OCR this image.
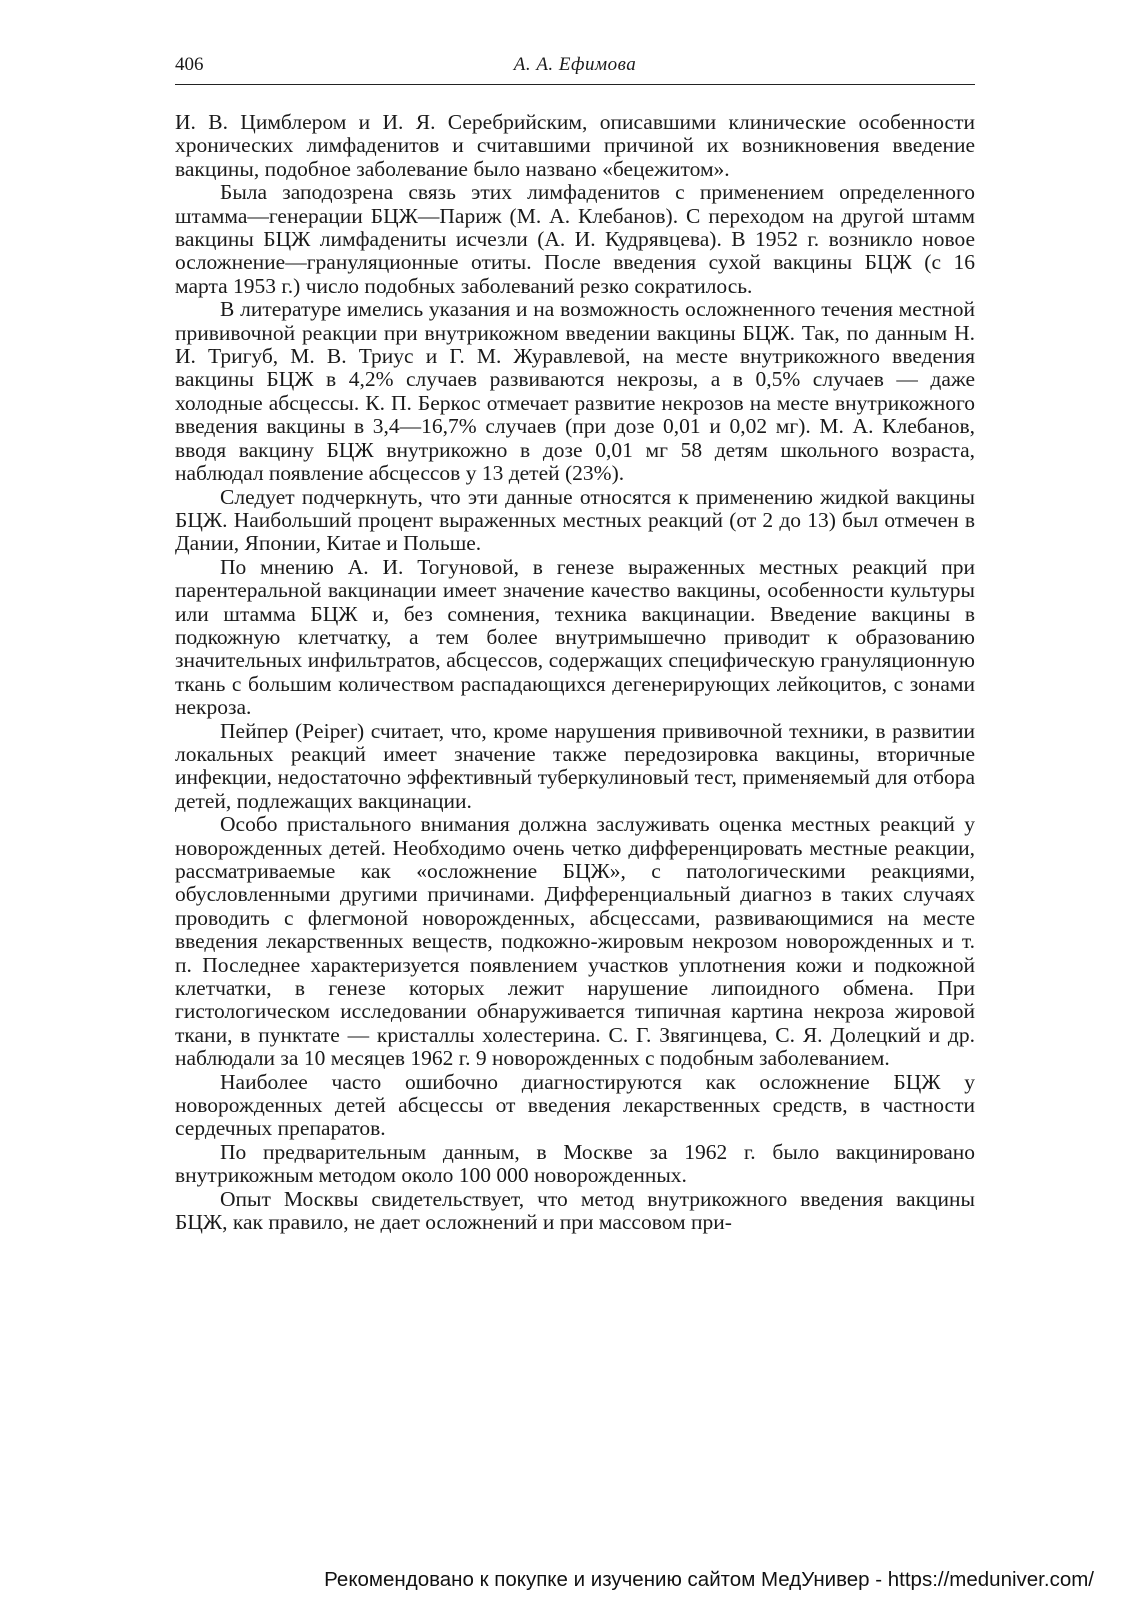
406	А. А. Ефимова

И. В. Цимблером и И. Я. Серебрийским, описавшими клинические особенности хронических лимфаденитов и считавшими причиной их возникновения введение вакцины, подобное заболевание было названо «бецежитом».

Была заподозрена связь этих лимфаденитов с применением определенного штамма—генерации БЦЖ—Париж (М. А. Клебанов). С переходом на другой штамм вакцины БЦЖ лимфадениты исчезли (А. И. Кудрявцева). В 1952 г. возникло новое осложнение—грануляционные отиты. После введения сухой вакцины БЦЖ (с 16 марта 1953 г.) число подобных заболеваний резко сократилось.

В литературе имелись указания и на возможность осложненного течения местной прививочной реакции при внутрикожном введении вакцины БЦЖ. Так, по данным Н. И. Тригуб, М. В. Триус и Г. М. Журавлевой, на месте внутрикожного введения вакцины БЦЖ в 4,2% случаев развиваются некрозы, а в 0,5% случаев — даже холодные абсцессы. К. П. Беркос отмечает развитие некрозов на месте внутрикожного введения вакцины в 3,4—16,7% случаев (при дозе 0,01 и 0,02 мг). М. А. Клебанов, вводя вакцину БЦЖ внутрикожно в дозе 0,01 мг 58 детям школьного возраста, наблюдал появление абсцессов у 13 детей (23%).

Следует подчеркнуть, что эти данные относятся к применению жидкой вакцины БЦЖ. Наибольший процент выраженных местных реакций (от 2 до 13) был отмечен в Дании, Японии, Китае и Польше.

По мнению А. И. Тогуновой, в генезе выраженных местных реакций при парентеральной вакцинации имеет значение качество вакцины, особенности культуры или штамма БЦЖ и, без сомнения, техника вакцинации. Введение вакцины в подкожную клетчатку, а тем более внутримышечно приводит к образованию значительных инфильтратов, абсцессов, содержащих специфическую грануляционную ткань с большим количеством распадающихся дегенерирующих лейкоцитов, с зонами некроза.

Пейпер (Peiper) считает, что, кроме нарушения прививочной техники, в развитии локальных реакций имеет значение также передозировка вакцины, вторичные инфекции, недостаточно эффективный туберкулиновый тест, применяемый для отбора детей, подлежащих вакцинации.

Особо пристального внимания должна заслуживать оценка местных реакций у новорожденных детей. Необходимо очень четко дифференцировать местные реакции, рассматриваемые как «осложнение БЦЖ», с патологическими реакциями, обусловленными другими причинами. Дифференциальный диагноз в таких случаях проводить с флегмоной новорожденных, абсцессами, развивающимися на месте введения лекарственных веществ, подкожно-жировым некрозом новорожденных и т. п. Последнее характеризуется появлением участков уплотнения кожи и подкожной клетчатки, в генезе которых лежит нарушение липоидного обмена. При гистологическом исследовании обнаруживается типичная картина некроза жировой ткани, в пунктате — кристаллы холестерина. С. Г. Звягинцева, С. Я. Долецкий и др. наблюдали за 10 месяцев 1962 г. 9 новорожденных с подобным заболеванием.

Наиболее часто ошибочно диагностируются как осложнение БЦЖ у новорожденных детей абсцессы от введения лекарственных средств, в частности сердечных препаратов.

По предварительным данным, в Москве за 1962 г. было вакцинировано внутрикожным методом около 100 000 новорожденных.

Опыт Москвы свидетельствует, что метод внутрикожного введения вакцины БЦЖ, как правило, не дает осложнений и при массовом при-

Рекомендовано к покупке и изучению сайтом МедУнивер - https://meduniver.com/
